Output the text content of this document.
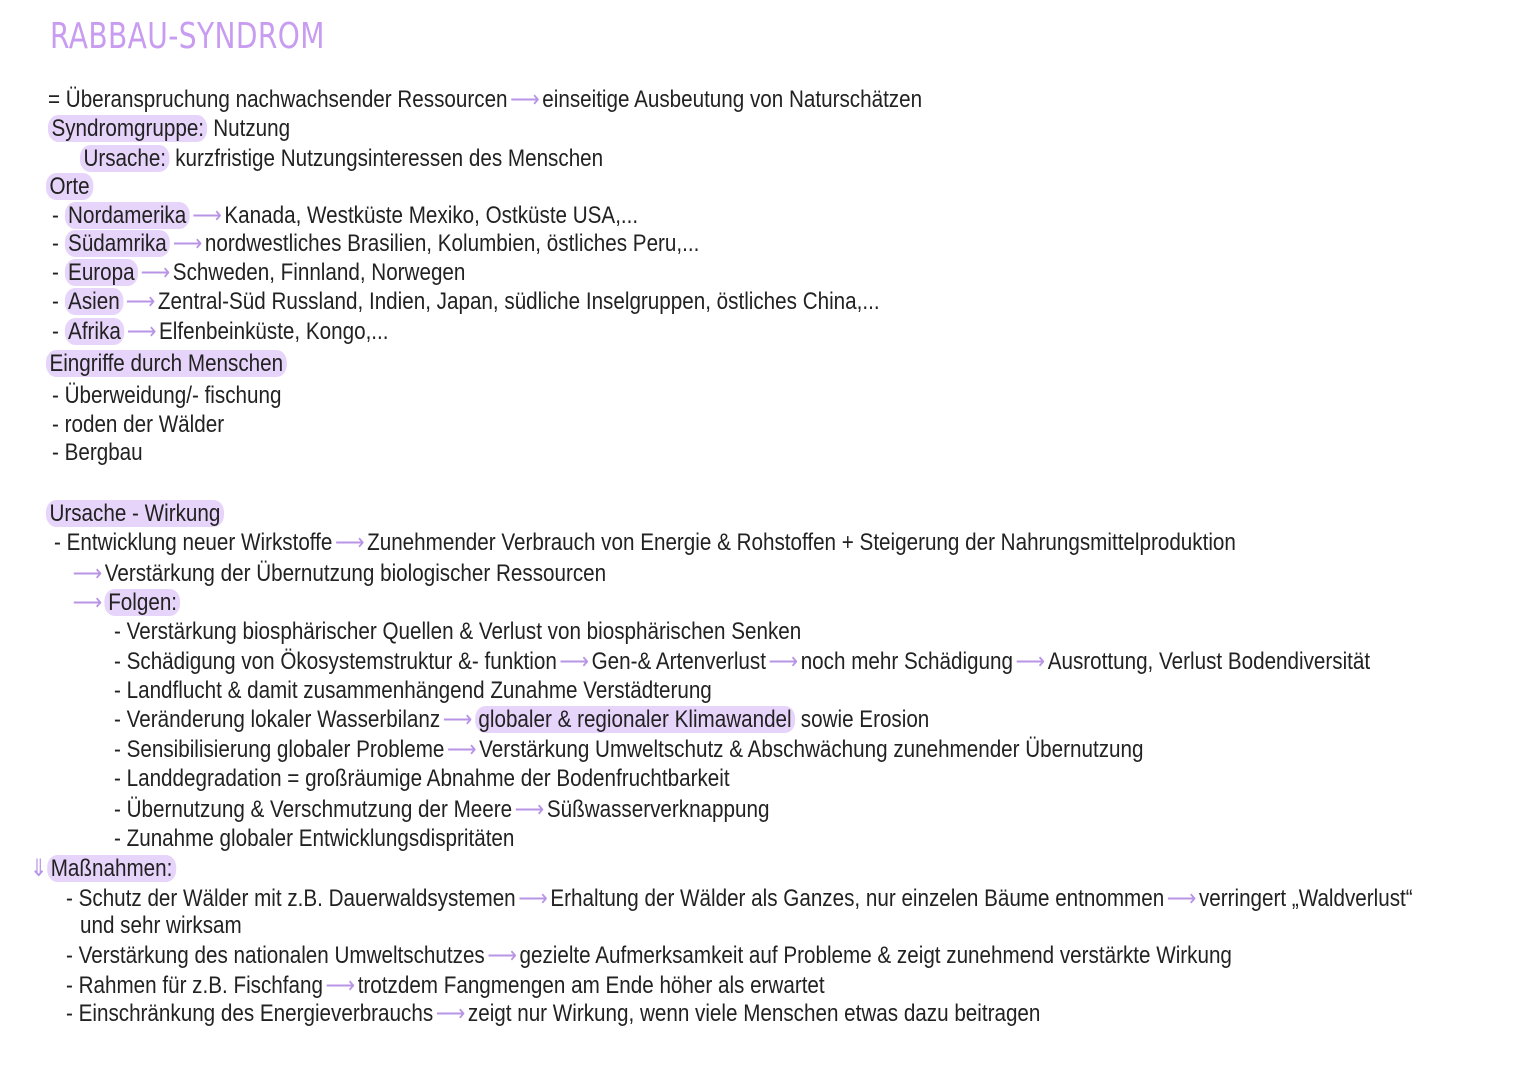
RABBAU-SYNDROM
= Überanspruchung nachwachsender Ressourcen ⟶ einseitige Ausbeutung von Naturschätzen
Syndromgruppe: Nutzung
Ursache: kurzfristige Nutzungsinteressen des Menschen
Orte
- Nordamerika ⟶ Kanada, Westküste Mexiko, Ostküste USA,...
- Südamrika ⟶ nordwestliches Brasilien, Kolumbien, östliches Peru,...
- Europa ⟶ Schweden, Finnland, Norwegen
- Asien ⟶ Zentral-Süd Russland, Indien, Japan, südliche Inselgruppen, östliches China,...
- Afrika ⟶ Elfenbeinküste, Kongo,...
Eingriffe durch Menschen
- Überweidung/- fischung
- roden der Wälder
- Bergbau
Ursache - Wirkung
- Entwicklung neuer Wirkstoffe ⟶ Zunehmender Verbrauch von Energie & Rohstoffen + Steigerung der Nahrungsmittelproduktion
⟶ Verstärkung der Übernutzung biologischer Ressourcen
⟶ Folgen:
- Verstärkung biosphärischer Quellen & Verlust von biosphärischen Senken
- Schädigung von Ökosystemstruktur &- funktion ⟶ Gen-& Artenverlust ⟶ noch mehr Schädigung ⟶ Ausrottung, Verlust Bodendiversität
- Landflucht & damit zusammenhängend Zunahme Verstädterung
- Veränderung lokaler Wasserbilanz ⟶ globaler & regionaler Klimawandel sowie Erosion
- Sensibilisierung globaler Probleme ⟶ Verstärkung Umweltschutz & Abschwächung zunehmender Übernutzung
- Landdegradation = großräumige Abnahme der Bodenfruchtbarkeit
- Übernutzung & Verschmutzung der Meere ⟶ Süßwasserverknappung
- Zunahme globaler Entwicklungsdispritäten
⇓ Maßnahmen:
- Schutz der Wälder mit z.B. Dauerwaldsystemen ⟶ Erhaltung der Wälder als Ganzes, nur einzelen Bäume entnommen ⟶ verringert „Waldverlust“
und sehr wirksam
- Verstärkung des nationalen Umweltschutzes ⟶ gezielte Aufmerksamkeit auf Probleme & zeigt zunehmend verstärkte Wirkung
- Rahmen für z.B. Fischfang ⟶ trotzdem Fangmengen am Ende höher als erwartet
- Einschränkung des Energieverbrauchs ⟶ zeigt nur Wirkung, wenn viele Menschen etwas dazu beitragen
